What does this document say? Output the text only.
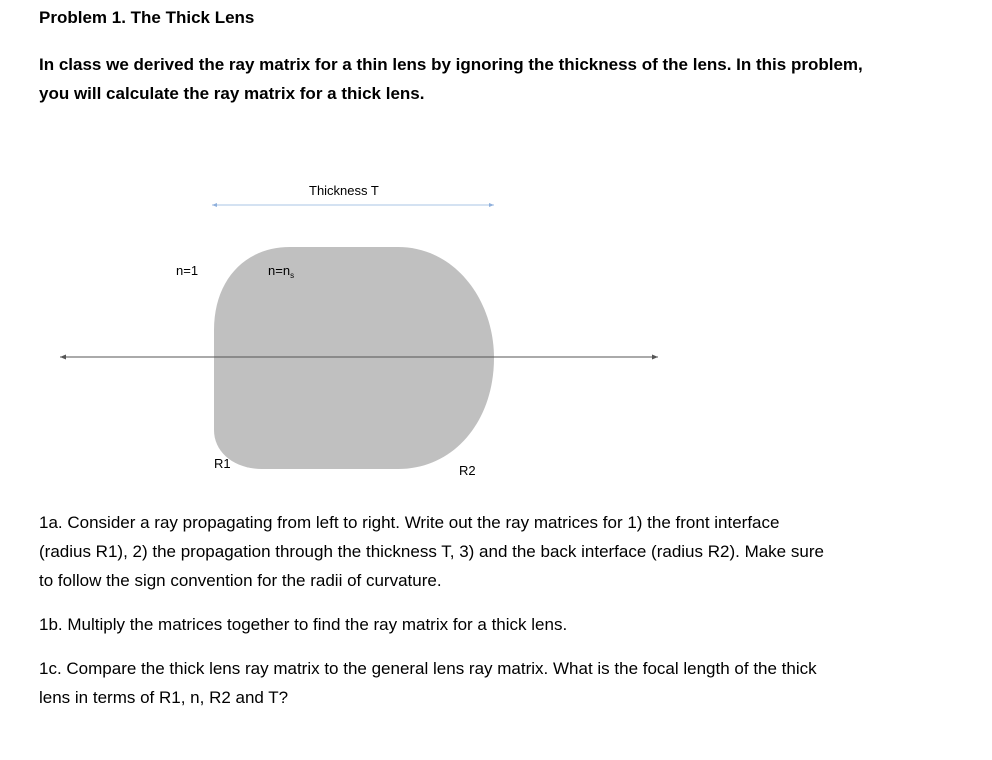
Problem 1. The Thick Lens
In class we derived the ray matrix for a thin lens by ignoring the thickness of the lens. In this problem,
you will calculate the ray matrix for a thick lens.
Thickness T
n=1	$n=n_s$
R1	R2

1a. Consider a ray propagating from left to right. Write out the ray matrices for 1) the front interface
(radius R1), 2) the propagation through the thickness T, 3) and the back interface (radius R2). Make sure
to follow the sign convention for the radii of curvature.

1b. Multiply the matrices together to find the ray matrix for a thick lens.

1c. Compare the thick lens ray matrix to the general lens ray matrix. What is the focal length of the thick
lens in terms of R1, n, R2 and T?
